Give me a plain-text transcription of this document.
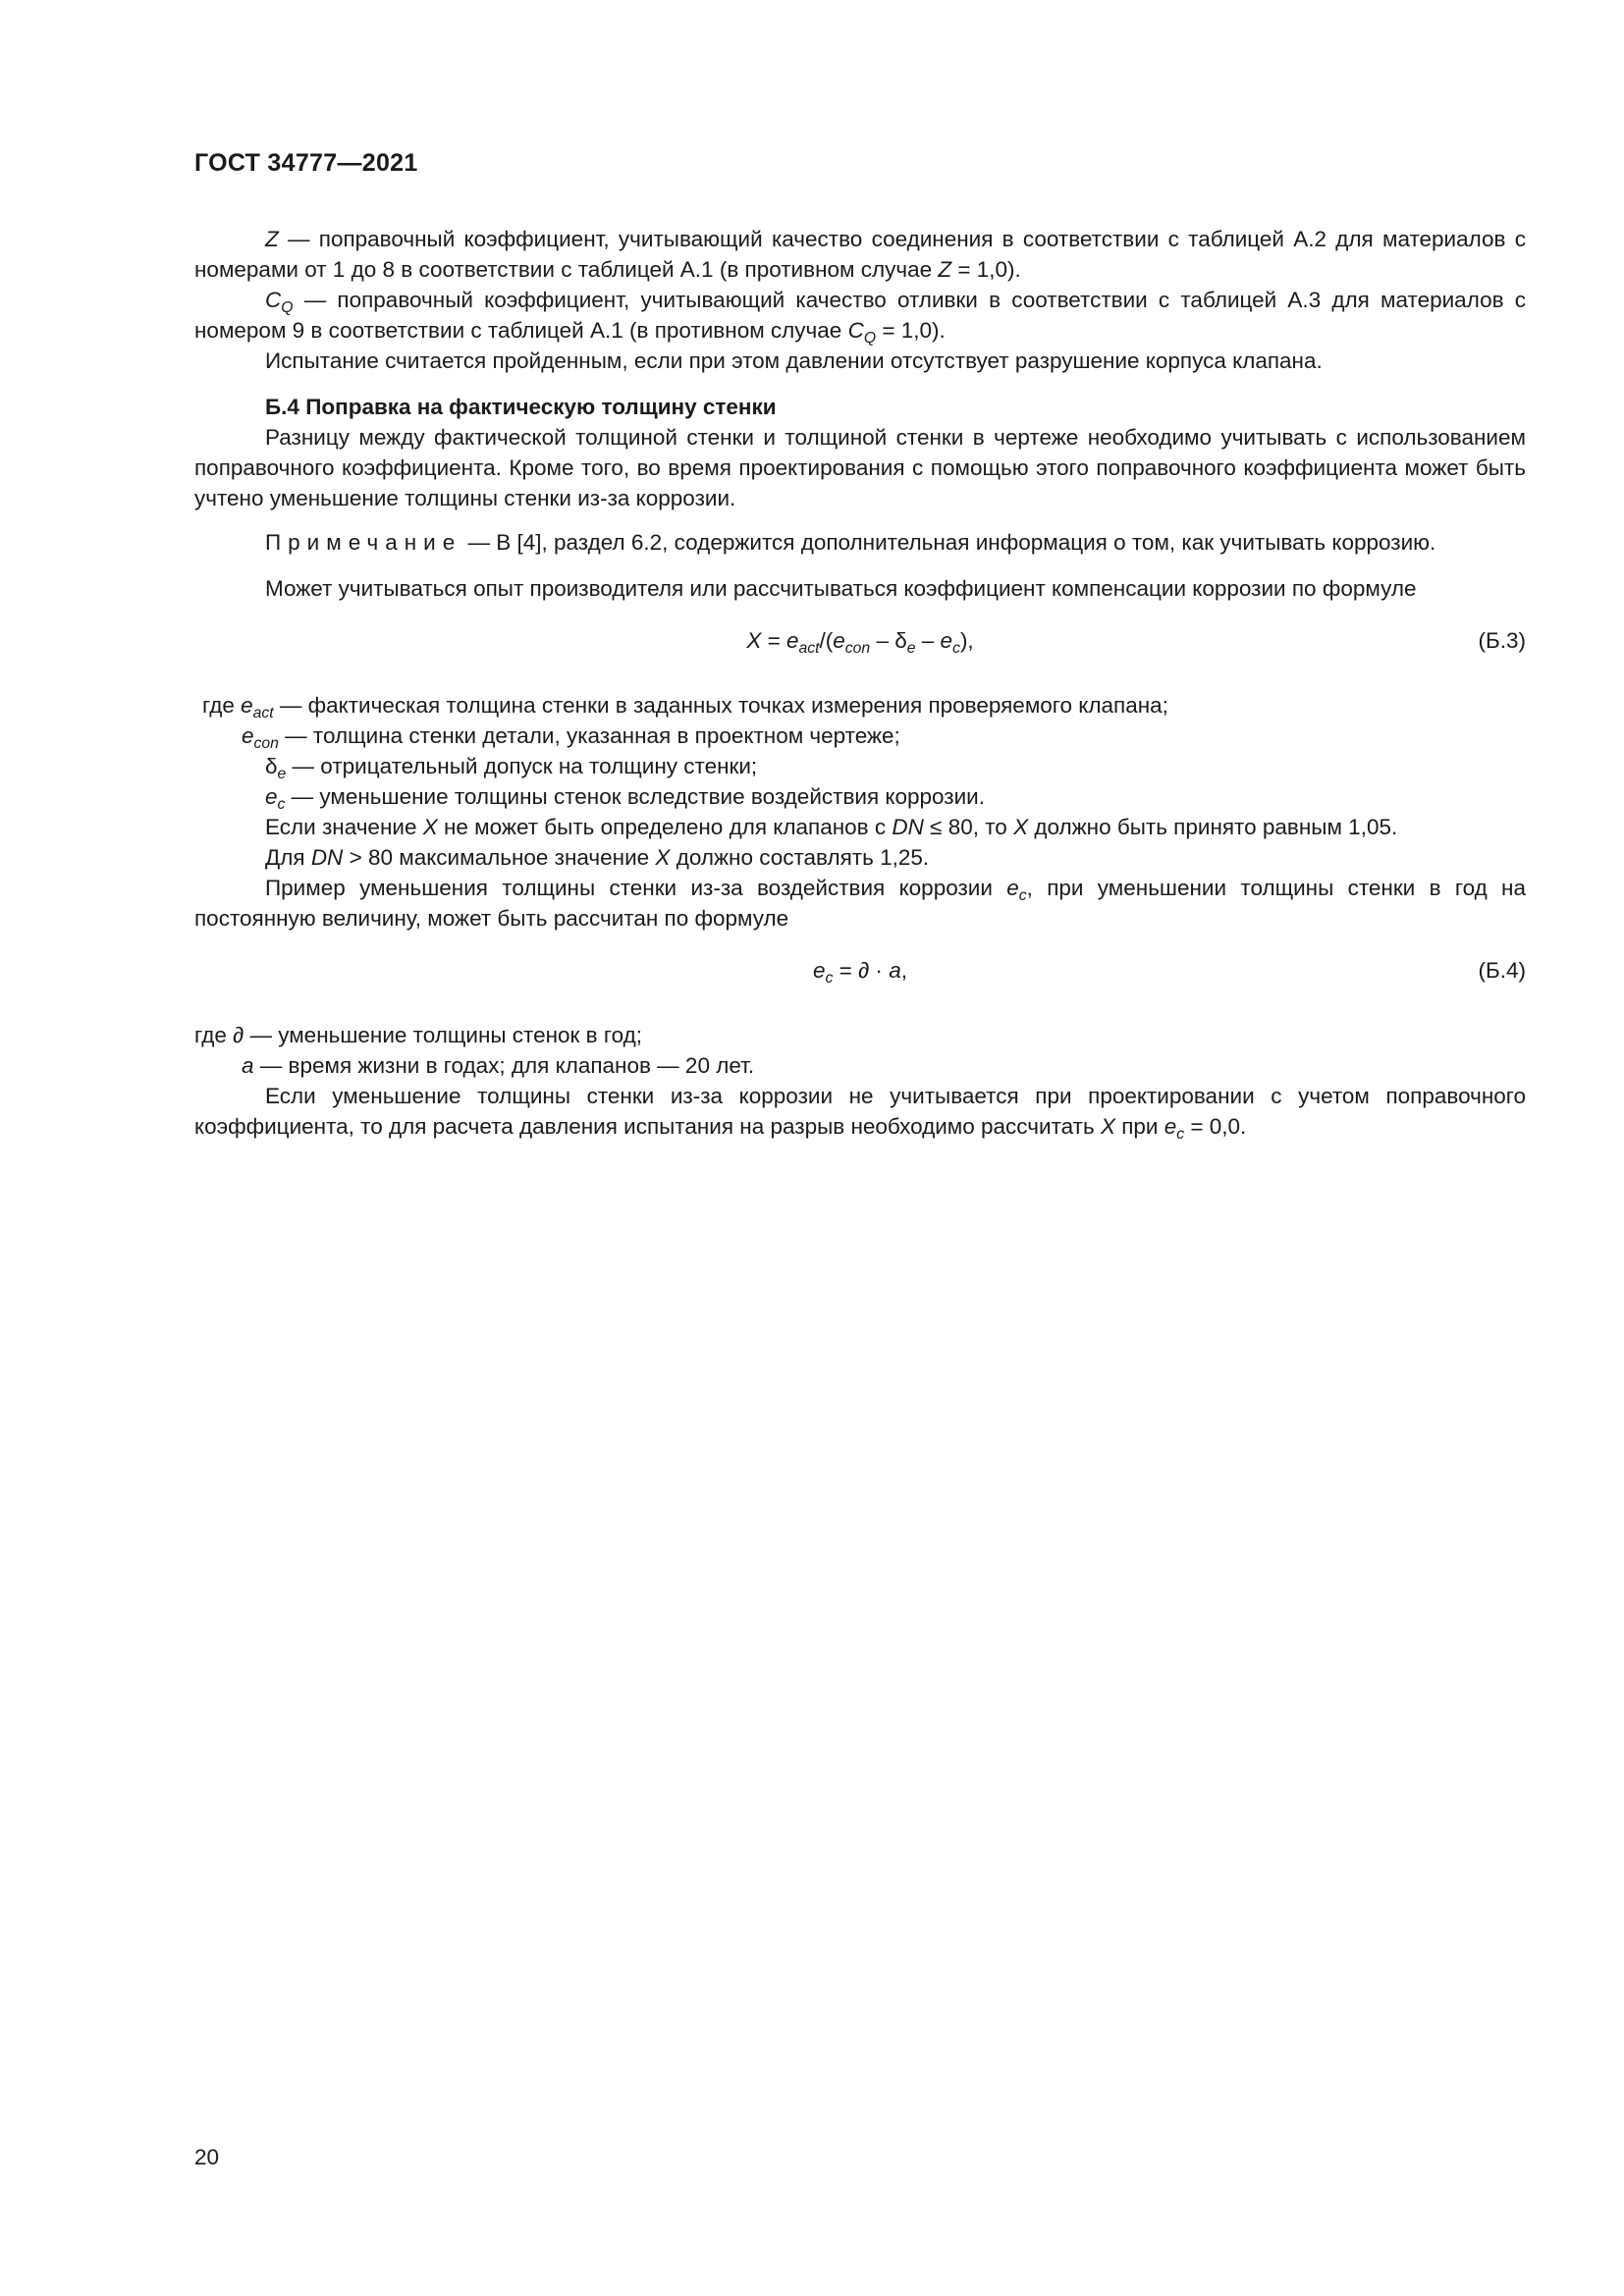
ГОСТ 34777—2021

Z — поправочный коэффициент, учитывающий качество соединения в соответствии с таблицей А.2 для материалов с номерами от 1 до 8 в соответствии с таблицей А.1 (в противном случае Z = 1,0).

$C_Q$ — поправочный коэффициент, учитывающий качество отливки в соответствии с таблицей А.3 для материалов с номером 9 в соответствии с таблицей А.1 (в противном случае $C_Q = 1,0$).

Испытание считается пройденным, если при этом давлении отсутствует разрушение корпуса клапана.

Б.4 Поправка на фактическую толщину стенки

Разницу между фактической толщиной стенки и толщиной стенки в чертеже необходимо учитывать с использованием поправочного коэффициента. Кроме того, во время проектирования с помощью этого поправочного коэффициента может быть учтено уменьшение толщины стенки из-за коррозии.

Примечание — В [4], раздел 6.2, содержится дополнительная информация о том, как учитывать коррозию.

Может учитываться опыт производителя или рассчитываться коэффициент компенсации коррозии по формуле

$X = e_{act}/(e_{con} - \delta_e - e_c)$,	(Б.3)

где $e_{act}$ — фактическая толщина стенки в заданных точках измерения проверяемого клапана;

$e_{con}$ — толщина стенки детали, указанная в проектном чертеже;

$\delta_e$ — отрицательный допуск на толщину стенки;

$e_c$ — уменьшение толщины стенок вследствие воздействия коррозии.

Если значение X не может быть определено для клапанов с DN ≤ 80, то X должно быть принято равным 1,05.

Для DN > 80 максимальное значение X должно составлять 1,25.

Пример уменьшения толщины стенки из-за воздействия коррозии $e_c$, при уменьшении толщины стенки в год на постоянную величину, может быть рассчитан по формуле

$e_c$ = ∂ · a,	(Б.4)

где ∂ — уменьшение толщины стенок в год;

a — время жизни в годах; для клапанов — 20 лет.

Если уменьшение толщины стенки из-за коррозии не учитывается при проектировании с учетом поправочного коэффициента, то для расчета давления испытания на разрыв необходимо рассчитать X при $e_c = 0,0$.

20
